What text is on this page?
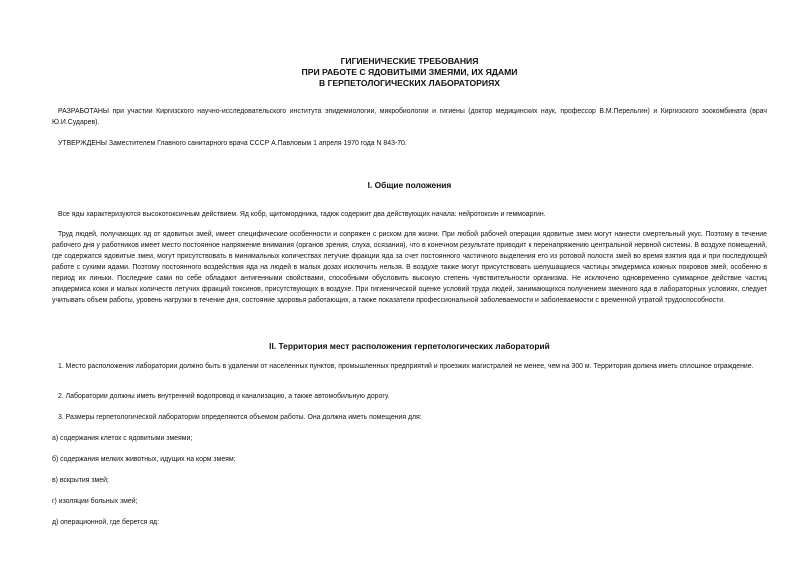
ГИГИЕНИЧЕСКИЕ ТРЕБОВАНИЯ
ПРИ РАБОТЕ С ЯДОВИТЫМИ ЗМЕЯМИ, ИХ ЯДАМИ
В ГЕРПЕТОЛОГИЧЕСКИХ ЛАБОРАТОРИЯХ
РАЗРАБОТАНЫ при участии Киргизского научно-исследовательского института эпидемиологии, микробиологии и гигиены (доктор медицинских наук, профессор В.М.Перельгин) и Киргизского зоокомбината (врач Ю.И.Сударев).
УТВЕРЖДЕНЫ Заместителем Главного санитарного врача СССР А.Павловым 1 апреля 1970 года N 843-70.
I. Общие положения
Все яды характеризуются высокотоксичным действием. Яд кобр, щитомордника, гадюк содержит два действующих начала: нейротоксин и геммоаргин.
Труд людей, получающих яд от ядовитых змей, имеет специфические особенности и сопряжен с риском для жизни. При любой рабочей операции ядовитые змеи могут нанести смертельный укус. Поэтому в течение рабочего дня у работников имеет место постоянное напряжение внимания (органов зрения, слуха, осязания), что в конечном результате приводит к перенапряжению центральной нервной системы. В воздухе помещений, где содержатся ядовитые змеи, могут присутствовать в минимальных количествах летучие фракции яда за счет постоянного частичного выделения его из ротовой полости змей во время взятия яда и при последующей работе с сухими ядами. Поэтому постоянного воздействия яда на людей в малых дозах исключить нельзя. В воздухе также могут присутствовать шелушащиеся частицы эпидермиса кожных покровов змей, особенно в период их линьки. Последние сами по себе обладают антигенными свойствами, способными обусловить высокую степень чувствительности организма. Не исключено одновременно суммарное действие частиц эпидермиса кожи и малых количеств летучих фракций токсинов, присутствующих в воздухе. При гигиенической оценке условий труда людей, занимающихся получением змеиного яда в лабораторных условиях, следует учитывать объем работы, уровень нагрузки в течение дня, состояние здоровья работающих, а также показатели профессиональной заболеваемости и заболеваемости с временной утратой трудоспособности.
II. Территория мест расположения герпетологических лабораторий
1. Место расположения лаборатории должно быть в удалении от населенных пунктов, промышленных предприятий и проезжих магистралей не менее, чем на 300 м. Территория должна иметь сплошное ограждение.
2. Лаборатории должны иметь внутренний водопровод и канализацию, а также автомобильную дорогу.
3. Размеры герпетологической лаборатории определяются объемом работы. Она должна иметь помещения для:
а) содержания клеток с ядовитыми змеями;
б) содержания мелких животных, идущих на корм змеям;
в) вскрытия змей;
г) изоляции больных змей;
д) операционной, где берется яд:
